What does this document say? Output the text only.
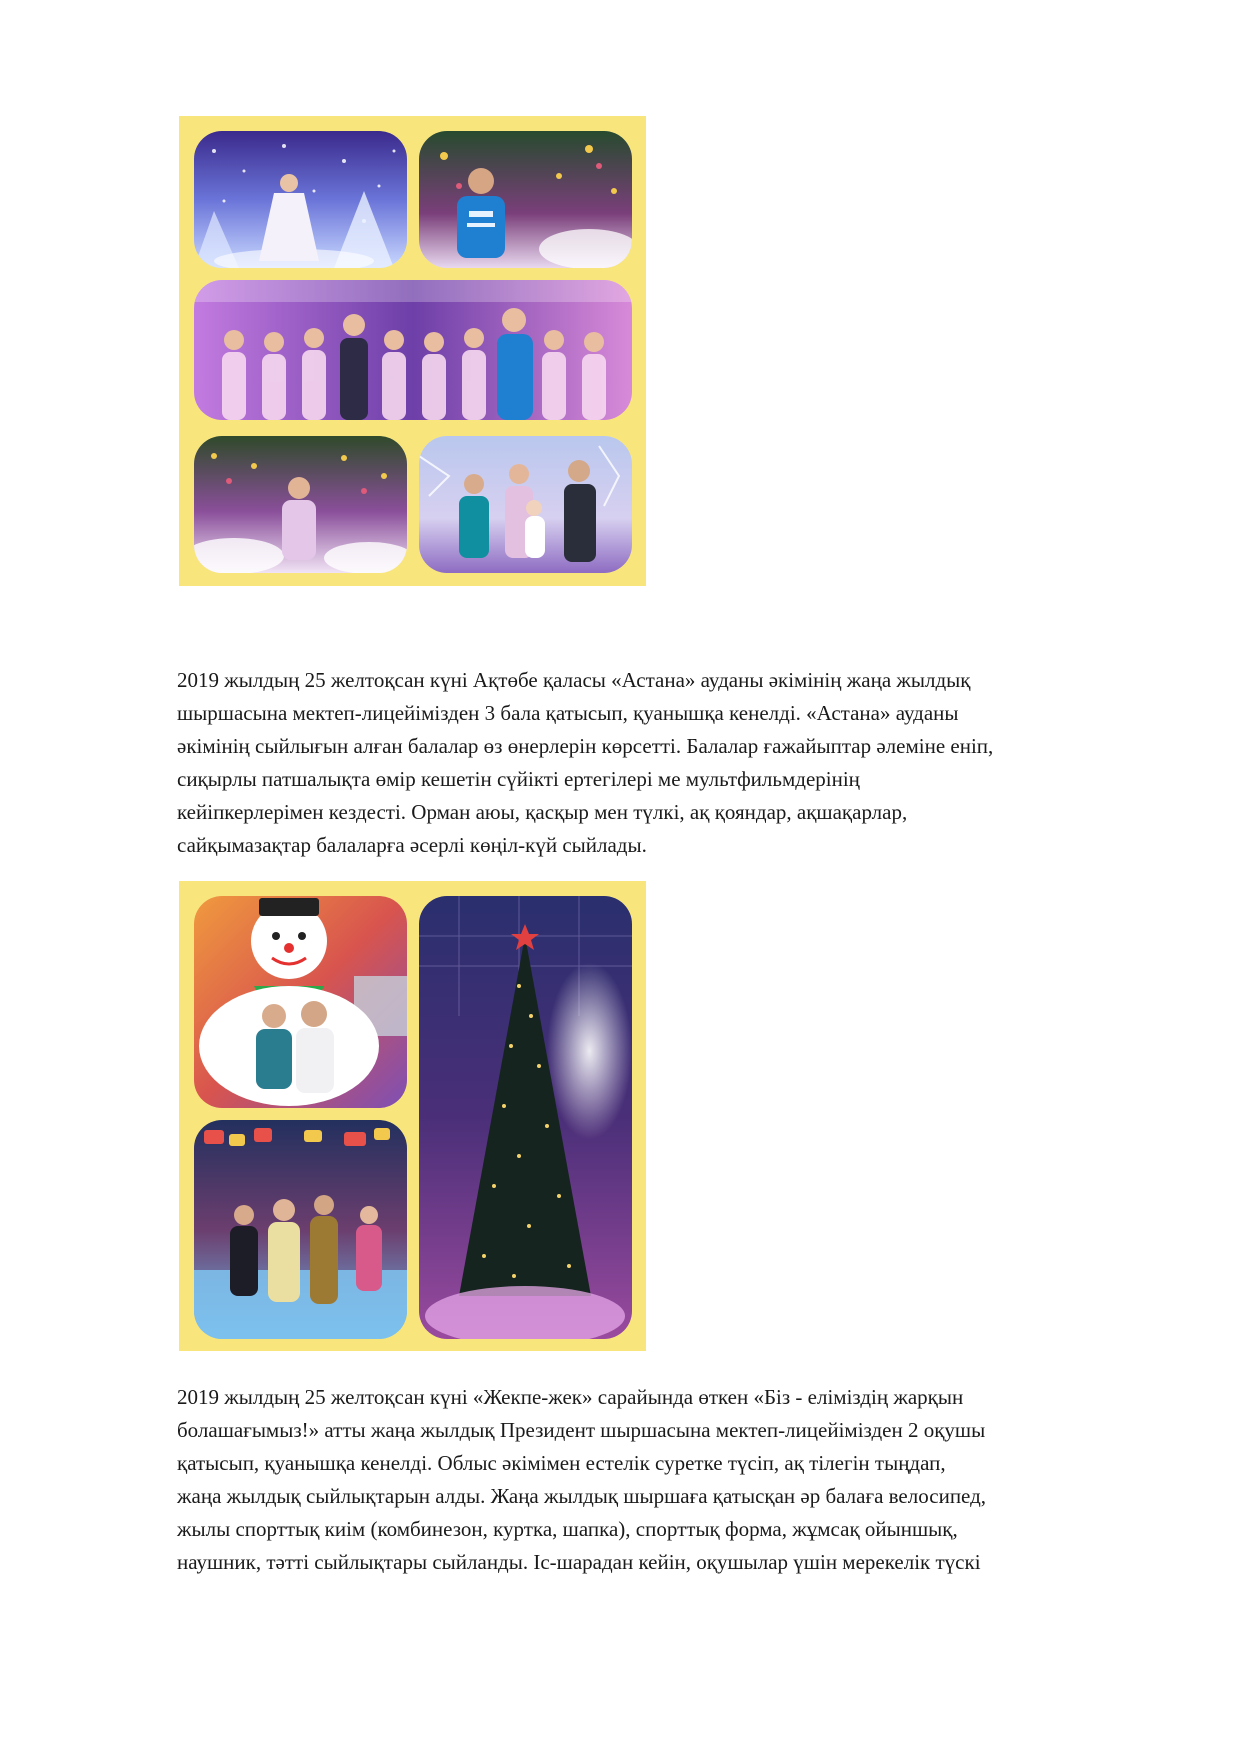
2019 жылдың 25 желтоқсан күні Ақтөбе қаласы «Астана» ауданы әкімінің жаңа жылдық
шыршасына мектеп-лицейімізден 3 бала қатысып, қуанышқа кенелді. «Астана» ауданы
әкімінің сыйлығын алған балалар өз өнерлерін көрсетті. Балалар ғажайыптар әлеміне еніп,
сиқырлы патшалықта өмір кешетін сүйікті ертегілері ме мультфильмдерінің
кейіпкерлерімен кездесті. Орман аюы, қасқыр мен түлкі, ақ қояндар, ақшақарлар,
сайқымазақтар балаларға әсерлі көңіл-күй сыйлады.

2019 жылдың 25 желтоқсан күні «Жекпе-жек» сарайында өткен «Біз - еліміздің жарқын
болашағымыз!» атты жаңа жылдық Президент шыршасына мектеп-лицейімізден 2 оқушы
қатысып, қуанышқа кенелді. Облыс әкімімен естелік суретке түсіп, ақ тілегін тыңдап,
жаңа жылдық сыйлықтарын алды. Жаңа жылдық шыршаға қатысқан әр балаға велосипед,
жылы спорттық киім (комбинезон, куртка, шапка), спорттық форма, жұмсақ ойыншық,
наушник, тәтті сыйлықтары сыйланды. Іс-шарадан кейін, оқушылар үшін мерекелік түскі
